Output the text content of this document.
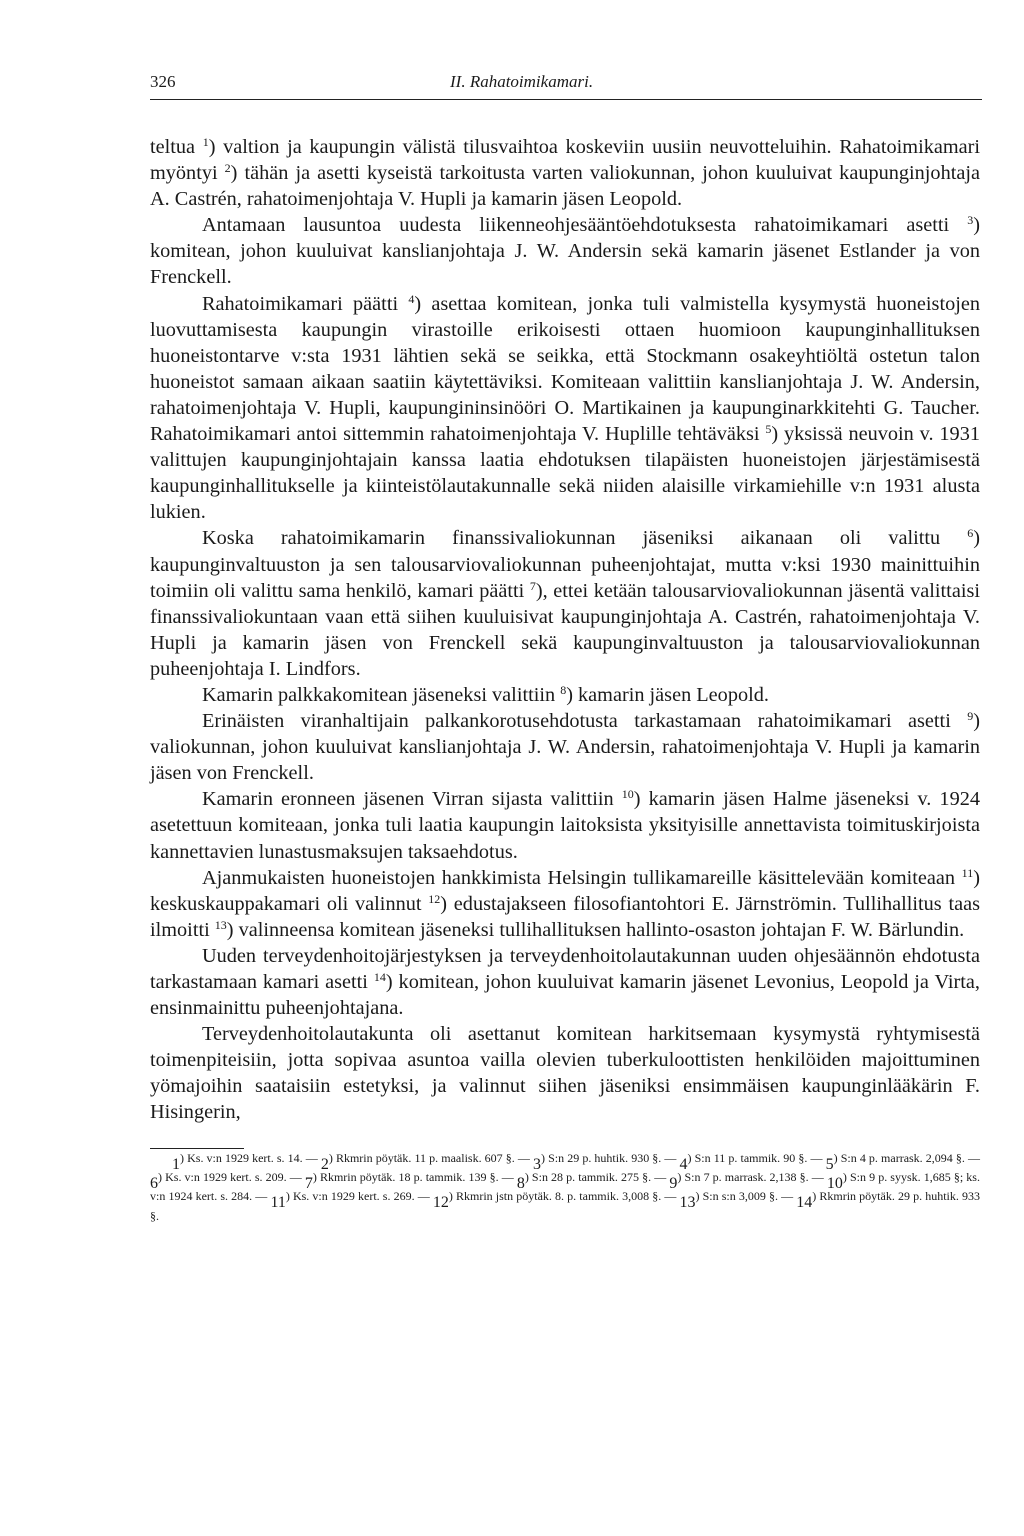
326	II. Rahatoimikamari.

teltua $^1$) valtion ja kaupungin välistä tilusvaihtoa koskeviin uusiin neuvotteluihin. Rahatoimikamari myöntyi $^2$) tähän ja asetti kyseistä tarkoitusta varten valiokunnan, johon kuuluivat kaupunginjohtaja A. Castrén, rahatoimenjohtaja V. Hupli ja kamarin jäsen Leopold.

Antamaan lausuntoa uudesta liikenneohjesääntöehdotuksesta rahatoimikamari asetti $^3$) komitean, johon kuuluivat kanslianjohtaja J. W. Andersin sekä kamarin jäsenet Estlander ja von Frenckell.

Rahatoimikamari päätti $^4$) asettaa komitean, jonka tuli valmistella kysymystä huoneistojen luovuttamisesta kaupungin virastoille erikoisesti ottaen huomioon kaupunginhallituksen huoneistontarve v:sta 1931 lähtien sekä se seikka, että Stockmann osakeyhtiöltä ostetun talon huoneistot samaan aikaan saatiin käytettäviksi. Komiteaan valittiin kanslianjohtaja J. W. Andersin, rahatoimenjohtaja V. Hupli, kaupungininsinööri O. Martikainen ja kaupunginarkkitehti G. Taucher. Rahatoimikamari antoi sittemmin rahatoimenjohtaja V. Huplille tehtäväksi $^5$) yksissä neuvoin v. 1931 valittujen kaupunginjohtajain kanssa laatia ehdotuksen tilapäisten huoneistojen järjestämisestä kaupunginhallitukselle ja kiinteistölautakunnalle sekä niiden alaisille virkamiehille v:n 1931 alusta lukien.

Koska rahatoimikamarin finanssivaliokunnan jäseniksi aikanaan oli valittu $^6$) kaupunginvaltuuston ja sen talousarviovaliokunnan puheenjohtajat, mutta v:ksi 1930 mainittuihin toimiin oli valittu sama henkilö, kamari päätti $^7$), ettei ketään talousarviovaliokunnan jäsentä valittaisi finanssivaliokuntaan vaan että siihen kuuluisivat kaupunginjohtaja A. Castrén, rahatoimenjohtaja V. Hupli ja kamarin jäsen von Frenckell sekä kaupunginvaltuuston ja talousarviovaliokunnan puheenjohtaja I. Lindfors.

Kamarin palkkakomitean jäseneksi valittiin $^8$) kamarin jäsen Leopold.

Erinäisten viranhaltijain palkankorotusehdotusta tarkastamaan rahatoimikamari asetti $^9$) valiokunnan, johon kuuluivat kanslianjohtaja J. W. Andersin, rahatoimenjohtaja V. Hupli ja kamarin jäsen von Frenckell.

Kamarin eronneen jäsenen Virran sijasta valittiin $^{10}$) kamarin jäsen Halme jäseneksi v. 1924 asetettuun komiteaan, jonka tuli laatia kaupungin laitoksista yksityisille annettavista toimituskirjoista kannettavien lunastusmaksujen taksaehdotus.

Ajanmukaisten huoneistojen hankkimista Helsingin tullikamareille käsittelevään komiteaan $^{11}$) keskuskauppakamari oli valinnut $^{12}$) edustajakseen filosofiantohtori E. Järnströmin. Tullihallitus taas ilmoitti $^{13}$) valinneensa komitean jäseneksi tullihallituksen hallinto-osaston johtajan F. W. Bärlundin.

Uuden terveydenhoitojärjestyksen ja terveydenhoitolautakunnan uuden ohjesäännön ehdotusta tarkastamaan kamari asetti $^{14}$) komitean, johon kuuluivat kamarin jäsenet Levonius, Leopold ja Virta, ensinmainittu puheenjohtajana.

Terveydenhoitolautakunta oli asettanut komitean harkitsemaan kysymystä ryhtymisestä toimenpiteisiin, jotta sopivaa asuntoa vailla olevien tuberkuloottisten henkilöiden majoittuminen yömajoihin saataisiin estetyksi, ja valinnut siihen jäseniksi ensimmäisen kaupunginlääkärin F. Hisingerin,

$1^{) Ks. v:n 1929 kert. s. 14. —}$ $2^{) Rkmrin pöytäk. 11 p. maalisk. 607 \S. —}$ $3^{) S:n 29 p. huhtik. 930 \S. —}$ $4^{) S:n 11 p. tammik. 90 \S. —}$ $5^{) S:n 4 p. marrask. 2,094 \S. —}$ $6^{) Ks. v:n 1929 kert. s. 209. —}$ $7^{) Rkmrin pöytäk. 18 p. tammik. 139 \S. —}$ $8^{) S:n 28 p. tammik. 275 \S. —}$ $9^{) S:n 7 p. marrask. 2,138 \S. —}$ $10^{) S:n 9 p. syysk. 1,685 \S; ks. v:n 1924 kert. s. 284. —}$ $11^{) Ks. v:n 1929 kert. s. 269. —}$ $12^{) Rkmrin jstn pöytäk. 8. p. tammik. 3,008 \S. —}$ $13^{) S:n s:n 3,009 \S. —}$ $14^{) Rkmrin pöytäk. 29 p. huhtik. 933 \S.}$
